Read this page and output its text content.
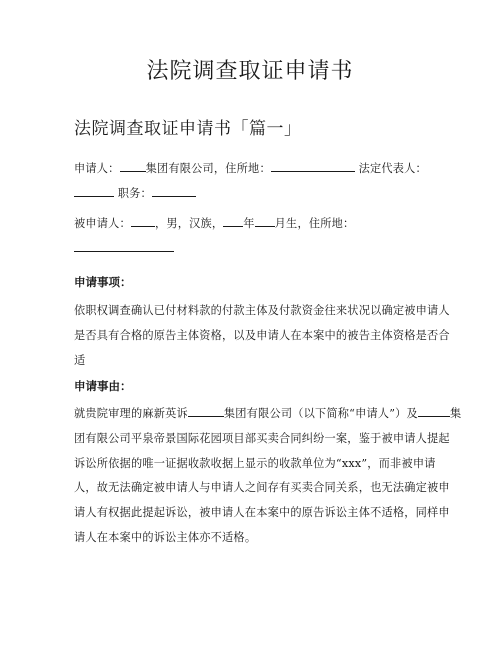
法院调查取证申请书
法院调查取证申请书「篇一」
申请人： 集团有限公司，住所地：	法定代表人：
职务：
被申请人： ，男，汉族， 年 月生，住所地：
申请事项：
依职权调查确认已付材料款的付款主体及付款资金往来状况以确定被申请人
是否具有合格的原告主体资格，以及申请人在本案中的被告主体资格是否合
适
申请事由：
就贵院审理的麻新英诉	集团有限公司（以下简称“申请人”）及	集
团有限公司平泉帝景国际花园项目部买卖合同纠纷一案，鉴于被申请人提起
诉讼所依据的唯一证据收款收据上显示的收款单位为“xxx”，而非被申请
人，故无法确定被申请人与申请人之间存有买卖合同关系，也无法确定被申
请人有权据此提起诉讼，被申请人在本案中的原告诉讼主体不适格，同样申
请人在本案中的诉讼主体亦不适格。
